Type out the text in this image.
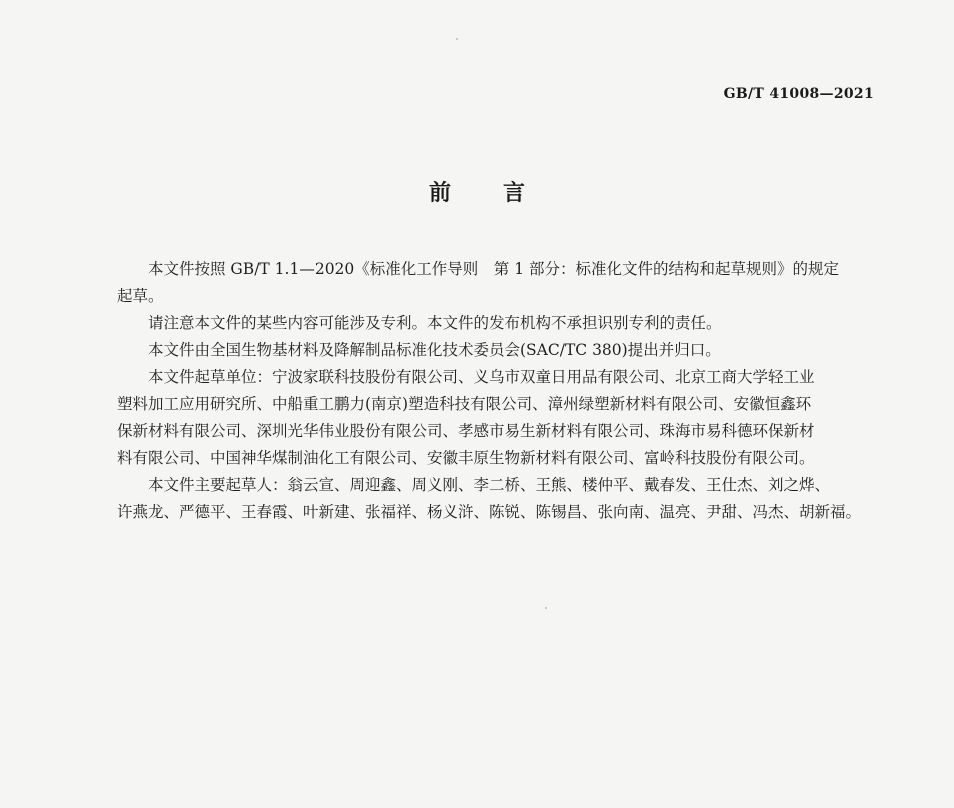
GB/T 41008—2021
前言

本文件按照 GB/T 1.1—2020《标准化工作导则　第 1 部分：标准化文件的结构和起草规则》的规定
起草。

请注意本文件的某些内容可能涉及专利。本文件的发布机构不承担识别专利的责任。

本文件由全国生物基材料及降解制品标准化技术委员会(SAC/TC 380)提出并归口。

本文件起草单位：宁波家联科技股份有限公司、义乌市双童日用品有限公司、北京工商大学轻工业
塑料加工应用研究所、中船重工鹏力(南京)塑造科技有限公司、漳州绿塑新材料有限公司、安徽恒鑫环
保新材料有限公司、深圳光华伟业股份有限公司、孝感市易生新材料有限公司、珠海市易科德环保新材
料有限公司、中国神华煤制油化工有限公司、安徽丰原生物新材料有限公司、富岭科技股份有限公司。

本文件主要起草人：翁云宣、周迎鑫、周义刚、李二桥、王熊、楼仲平、戴春发、王仕杰、刘之烨、
许燕龙、严德平、王春霞、叶新建、张福祥、杨义浒、陈锐、陈锡昌、张向南、温亮、尹甜、冯杰、胡新福。
